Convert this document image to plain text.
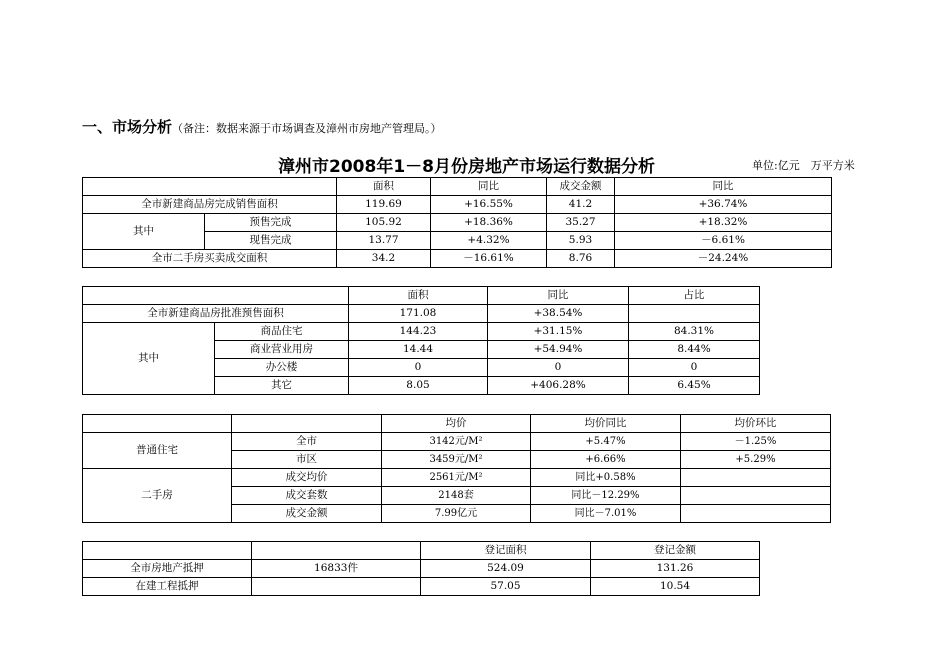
一、市场分析（备注：数据来源于市场调查及漳州市房地产管理局。）
漳州市2008年1－8月份房地产市场运行数据分析	单位:亿元　万平方米
		面积	同比	成交金额	同比
全市新建商品房完成销售面积		119.69	+16.55%	41.2	+36.74%
其中	预售完成	105.92	+18.36%	35.27	+18.32%
	现售完成	13.77	+4.32%	5.93	－6.61%
全市二手房买卖成交面积		34.2	－16.61%	8.76	－24.24%
		面积	同比	占比
全市新建商品房批准预售面积		171.08	+38.54%	
其中	商品住宅	144.23	+31.15%	84.31%
	商业营业用房	14.44	+54.94%	8.44%
	办公楼	0	0	0
	其它	8.05	+406.28%	6.45%
		均价	均价同比	均价环比
普通住宅	全市	3142元/M²	+5.47%	－1.25%
	市区	3459元/M²	+6.66%	+5.29%
二手房	成交均价	2561元/M²	同比+0.58%	
	成交套数	2148套	同比－12.29%	
	成交金额	7.99亿元	同比－7.01%	
		登记面积	登记金额
全市房地产抵押	16833件	524.09	131.26
在建工程抵押		57.05	10.54
